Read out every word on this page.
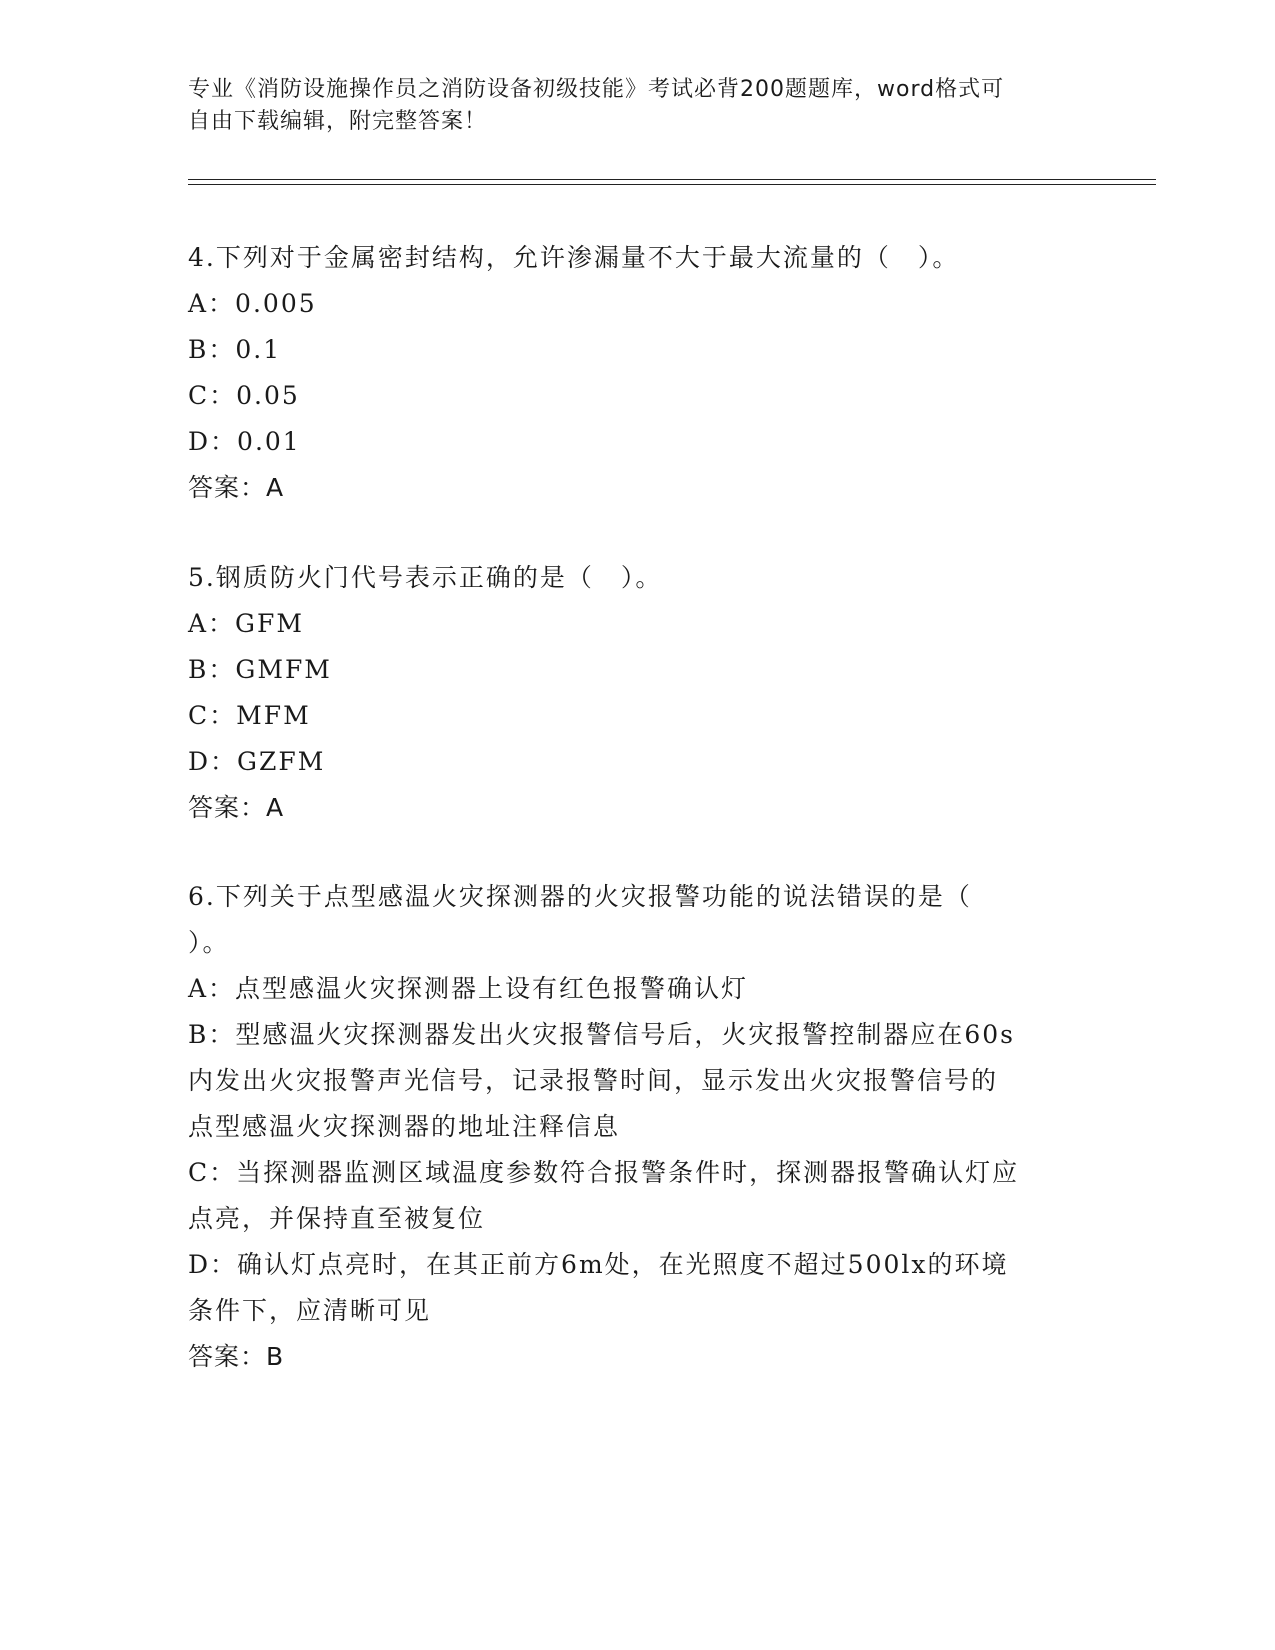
专业《消防设施操作员之消防设备初级技能》考试必背200题题库，word格式可
自由下载编辑，附完整答案！
4.下列对于金属密封结构，允许渗漏量不大于最大流量的（　）。
A：0.005
B：0.1
C：0.05
D：0.01
答案：A
5.钢质防火门代号表示正确的是（　）。
A：GFM
B：GMFM
C：MFM
D：GZFM
答案：A
6.下列关于点型感温火灾探测器的火灾报警功能的说法错误的是（
）。
A：点型感温火灾探测器上设有红色报警确认灯
B：型感温火灾探测器发出火灾报警信号后，火灾报警控制器应在60s
内发出火灾报警声光信号，记录报警时间，显示发出火灾报警信号的
点型感温火灾探测器的地址注释信息
C：当探测器监测区域温度参数符合报警条件时，探测器报警确认灯应
点亮，并保持直至被复位
D：确认灯点亮时，在其正前方6m处，在光照度不超过500lx的环境
条件下，应清晰可见
答案：B
